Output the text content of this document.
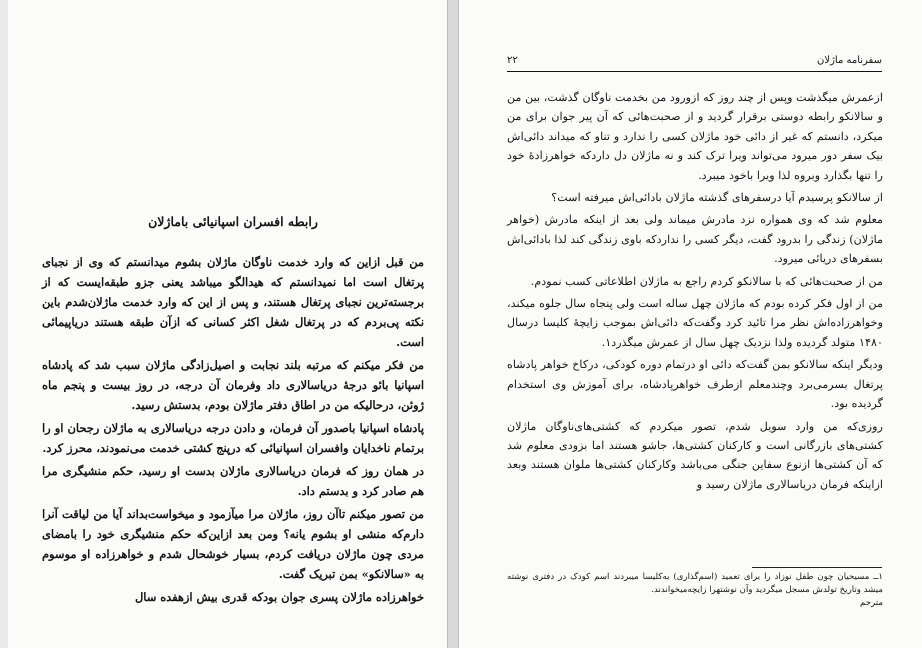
رابطه افسران اسپانیائی باماژلان

من قبل ازاین که وارد خدمت ناوگان ماژلان بشوم میدانستم که وی از نجبای پرتغال است اما نمیدانستم که هیدالگو میباشد یعنی جزو طبقه‌ایست که از برجسته‌ترین نجبای پرتغال هستند، و پس از این که وارد خدمت ماژلان‌شدم باین نکته پی‌بردم که در پرتغال شغل اکثر کسانی که ازآن طبقه هستند دریاپیمائی است.

من فکر میکنم که مرتبه بلند نجابت و اصیل‌زادگی ماژلان سبب شد که پادشاه اسپانیا بائو درجهٔ دریاسالاری داد وفرمان آن درجه، در روز بیست و پنجم ماه ژوئن، درحالیکه من در اطاق دفتر ماژلان بودم، بدستش رسید.

پادشاه اسپانیا باصدور آن فرمان، و دادن درجه دریاسالاری به ماژلان رجحان او را برتمام ناخدایان وافسران اسپانیائی که درپنج کشتی خدمت می‌نمودند، محرز کرد.

در همان روز که فرمان دریاسالاری ماژلان بدست او رسید، حکم منشیگری مرا هم صادر کرد و بدستم داد.

من تصور میکنم تاآن روز، ماژلان مرا میآزمود و میخواست‌بداند آیا من لیاقت آنرا دارم‌که منشی او بشوم یانه؟ ومن بعد ازاین‌که حکم منشیگری خود را بامضای مردی چون ماژلان دریافت کردم، بسیار خوشحال شدم و خواهرزاده او موسوم به «سالانکو» بمن تبریک گفت.

خواهرزاده ماژلان پسری جوان بودکه قدری بیش ازهفده سال

سفرنامه ماژلان
۲۲

ازعمرش میگذشت وپس از چند روز که ازورود من بخدمت ناوگان گذشت، بین من و سالانکو رابطه دوستی برقرار گردید و از صحبت‌هائی که آن پیر جوان برای من میکرد، دانستم که غیر از دائی خود ماژلان کسی را ندارد و تناو که میداند دائی‌اش بیک سفر دور میرود می‌تواند ویرا ترک کند و نه ماژلان دل داردکه خواهرزادهٔ خود را تنها بگذارد وبروه لذا ویرا باخود میبرد.

از سالانکو پرسیدم آیا درسفرهای گذشته ماژلان بادائی‌اش میرفته است؟

معلوم شد که وی همواره نزد مادرش میماند ولی بعد از اینکه مادرش (خواهر ماژلان) زندگی را بدرود گفت، دیگر کسی را نداردکه باوی زندگی کند لذا بادائی‌اش بسفرهای دریائی میرود.

من از صحبت‌هائی که با سالانکو کردم راجع به ماژلان اطلاعاتی کسب نمودم.

من از اول فکر کرده بودم که ماژلان چهل ساله است ولی پنجاه سال جلوه میکند، وخواهرزاده‌اش نظر مرا تائید کرد وگفت‌که دائی‌اش بموجب زایچهٔ کلیسا درسال ۱۴۸۰ متولد گردیده ولذا نزدیک چهل سال از عمرش میگذرد۱.

وديگر اینکه سالانکو بمن گفت‌که دائی او درتمام دوره کودکی، درکاخ خواهر پادشاه پرتغال بسرمی‌برد وچندمعلم ازطرف خواهرپادشاه، برای آموزش وی استخدام گردیده بود.

روزی‌که من وارد سویل شدم، تصور میکردم که کشتی‌های‌ناوگان ماژلان کشتی‌های بازرگانی است و کارکنان کشتی‌ها، جاشو هستند اما بزودی معلوم شد که آن کشتی‌ها ازنوع سفاین جنگی می‌باشد وکارکنان کشتی‌ها ملوان هستند وبعد ازاینکه فرمان دریاسالاری ماژلان رسید و

۱ــ مسیحیان چون طفل نوزاد را برای تعمید (اسم‌گذاری) به‌کلیسا میبردند اسم کودک در دفتری نوشته میشد وتاریخ تولدش مسجل میگردید وآن نوشتهرا زایچه‌میخواندند.
مترجم
